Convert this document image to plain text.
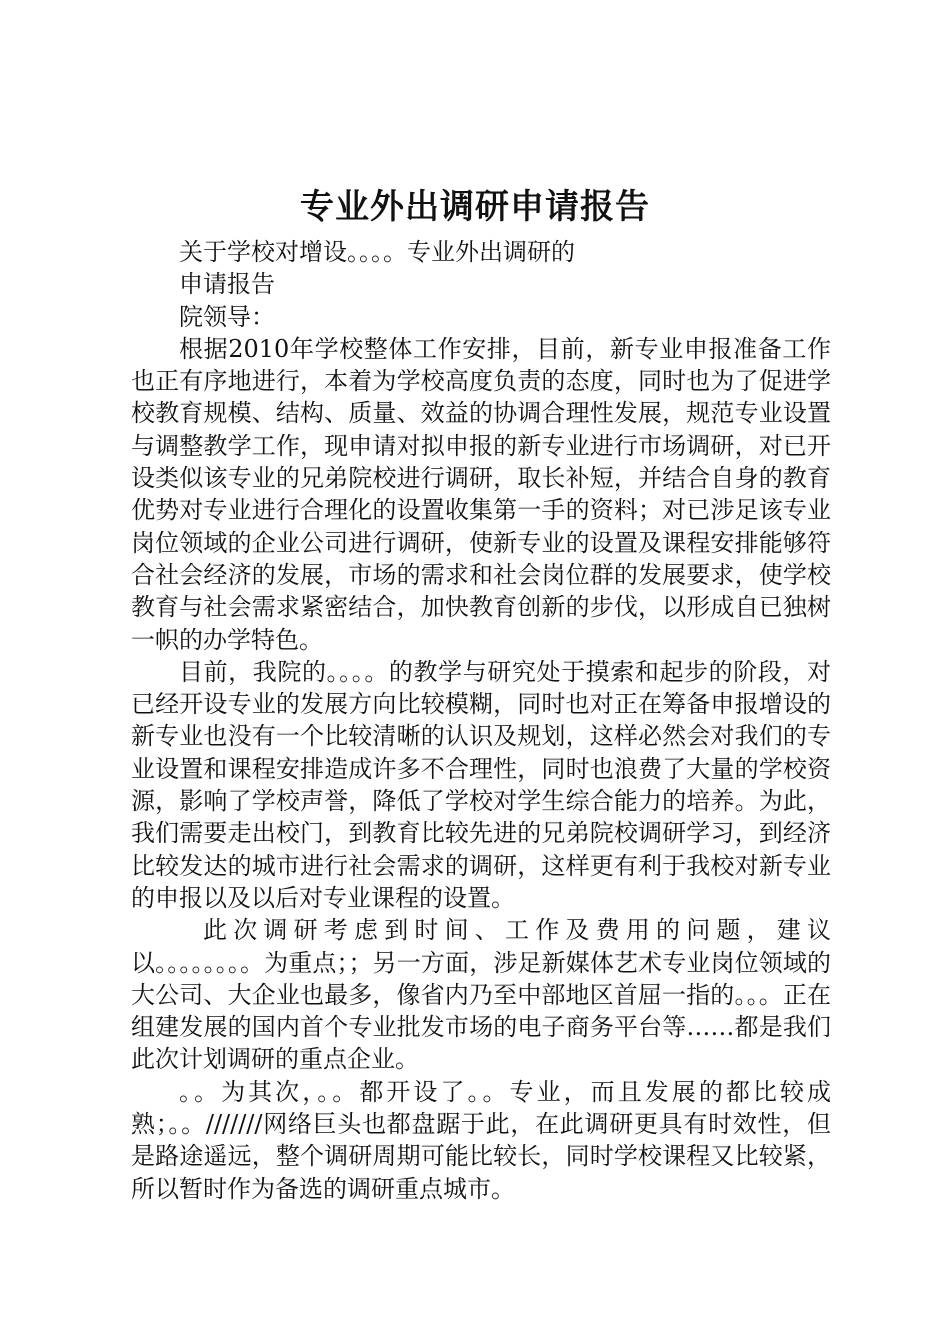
专业外出调研申请报告

关于学校对增设。。。。专业外出调研的

申请报告

院领导：

根据2010年学校整体工作安排，目前，新专业申报准备工作也正有序地进行，本着为学校高度负责的态度，同时也为了促进学校教育规模、结构、质量、效益的协调合理性发展，规范专业设置与调整教学工作，现申请对拟申报的新专业进行市场调研，对已开设类似该专业的兄弟院校进行调研，取长补短，并结合自身的教育优势对专业进行合理化的设置收集第一手的资料；对已涉足该专业岗位领域的企业公司进行调研，使新专业的设置及课程安排能够符合社会经济的发展，市场的需求和社会岗位群的发展要求，使学校教育与社会需求紧密结合，加快教育创新的步伐，以形成自已独树一帜的办学特色。

目前，我院的。。。。的教学与研究处于摸索和起步的阶段，对已经开设专业的发展方向比较模糊，同时也对正在筹备申报增设的新专业也没有一个比较清晰的认识及规划，这样必然会对我们的专业设置和课程安排造成许多不合理性，同时也浪费了大量的学校资源，影响了学校声誉，降低了学校对学生综合能力的培养。为此，我们需要走出校门，到教育比较先进的兄弟院校调研学习，到经济比较发达的城市进行社会需求的调研，这样更有利于我校对新专业的申报以及以后对专业课程的设置。

此次调研考虑到时间、工作及费用的问题，建议以。。。。。。。。为重点；；另一方面，涉足新媒体艺术专业岗位领域的大公司、大企业也最多，像省内乃至中部地区首屈一指的。。。正在组建发展的国内首个专业批发市场的电子商务平台等……都是我们此次计划调研的重点企业。

。。为其次，。。都开设了。。专业，而且发展的都比较成熟；。。///////网络巨头也都盘踞于此，在此调研更具有时效性，但是路途遥远，整个调研周期可能比较长，同时学校课程又比较紧，所以暂时作为备选的调研重点城市。
